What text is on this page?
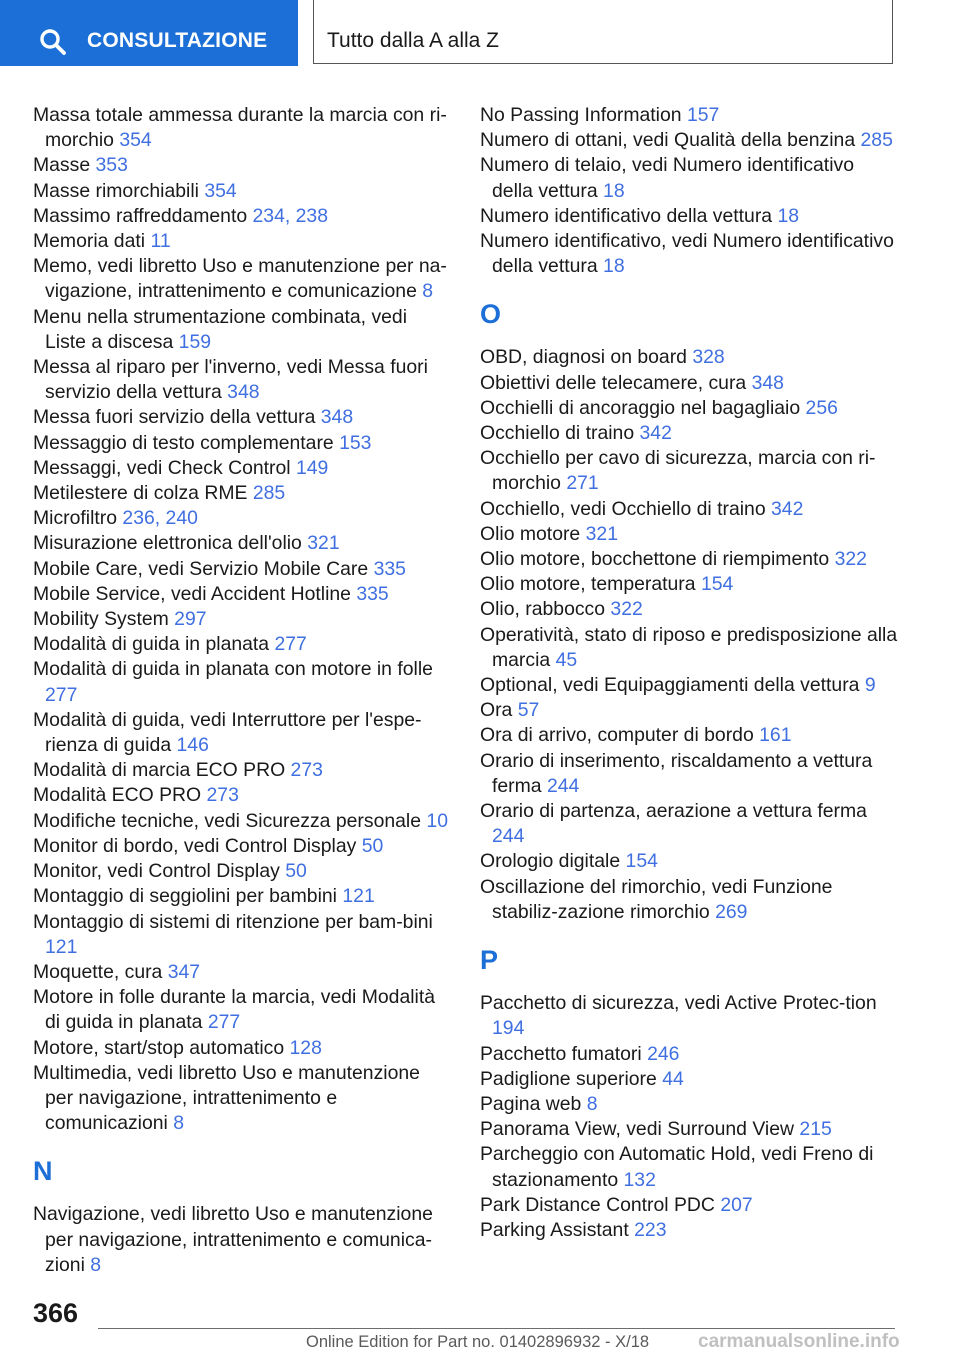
CONSULTAZIONE	Tutto dalla A alla Z
Massa totale ammessa durante la marcia con ri-morchio 354
Masse 353
Masse rimorchiabili 354
Massimo raffreddamento 234, 238
Memoria dati 11
Memo, vedi libretto Uso e manutenzione per na-vigazione, intrattenimento e comunicazione 8
Menu nella strumentazione combinata, vedi Liste a discesa 159
Messa al riparo per l'inverno, vedi Messa fuori servizio della vettura 348
Messa fuori servizio della vettura 348
Messaggio di testo complementare 153
Messaggi, vedi Check Control 149
Metilestere di colza RME 285
Microfiltro 236, 240
Misurazione elettronica dell'olio 321
Mobile Care, vedi Servizio Mobile Care 335
Mobile Service, vedi Accident Hotline 335
Mobility System 297
Modalità di guida in planata 277
Modalità di guida in planata con motore in folle 277
Modalità di guida, vedi Interruttore per l'espe-rienza di guida 146
Modalità di marcia ECO PRO 273
Modalità ECO PRO 273
Modifiche tecniche, vedi Sicurezza personale 10
Monitor di bordo, vedi Control Display 50
Monitor, vedi Control Display 50
Montaggio di seggiolini per bambini 121
Montaggio di sistemi di ritenzione per bam-bini 121
Moquette, cura 347
Motore in folle durante la marcia, vedi Modalità di guida in planata 277
Motore, start/stop automatico 128
Multimedia, vedi libretto Uso e manutenzione per navigazione, intrattenimento e comunicazioni 8
N
Navigazione, vedi libretto Uso e manutenzione per navigazione, intrattenimento e comunica-zioni 8
No Passing Information 157
Numero di ottani, vedi Qualità della benzina 285
Numero di telaio, vedi Numero identificativo della vettura 18
Numero identificativo della vettura 18
Numero identificativo, vedi Numero identificativo della vettura 18
O
OBD, diagnosi on board 328
Obiettivi delle telecamere, cura 348
Occhielli di ancoraggio nel bagagliaio 256
Occhiello di traino 342
Occhiello per cavo di sicurezza, marcia con ri-morchio 271
Occhiello, vedi Occhiello di traino 342
Olio motore 321
Olio motore, bocchettone di riempimento 322
Olio motore, temperatura 154
Olio, rabbocco 322
Operatività, stato di riposo e predisposizione alla marcia 45
Optional, vedi Equipaggiamenti della vettura 9
Ora 57
Ora di arrivo, computer di bordo 161
Orario di inserimento, riscaldamento a vettura ferma 244
Orario di partenza, aerazione a vettura ferma 244
Orologio digitale 154
Oscillazione del rimorchio, vedi Funzione stabiliz-zazione rimorchio 269
P
Pacchetto di sicurezza, vedi Active Protec-tion 194
Pacchetto fumatori 246
Padiglione superiore 44
Pagina web 8
Panorama View, vedi Surround View 215
Parcheggio con Automatic Hold, vedi Freno di stazionamento 132
Park Distance Control PDC 207
Parking Assistant 223
366
Online Edition for Part no. 01402896932 - X/18	carmanualsonline.info
